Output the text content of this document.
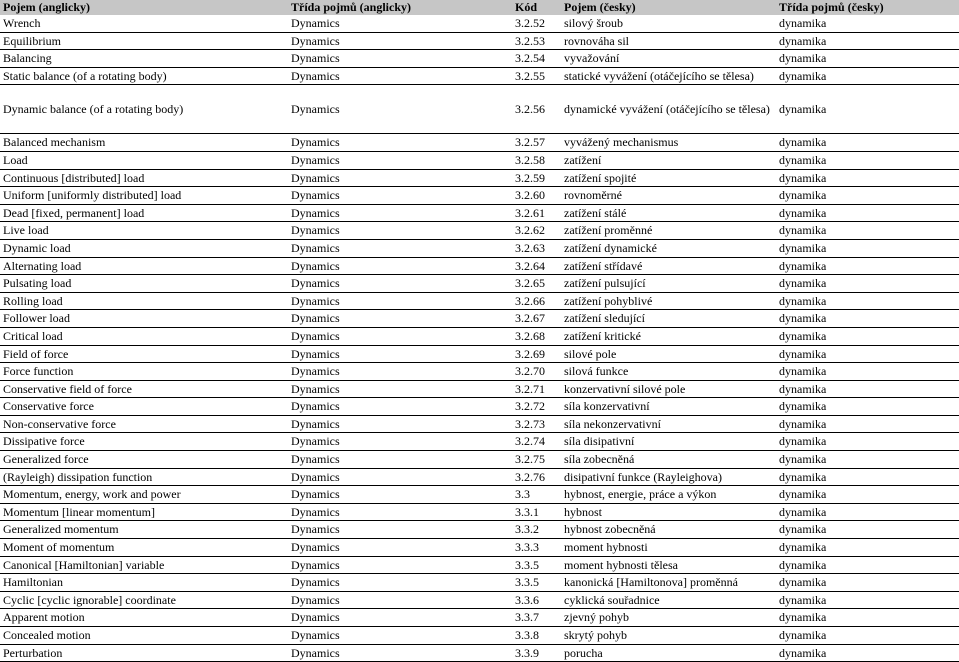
Pojem (anglicky)	Třída pojmů (anglicky)	Kód	Pojem (česky)	Třída pojmů (česky)
Wrench	Dynamics	3.2.52	silový šroub	dynamika
Equilibrium	Dynamics	3.2.53	rovnováha sil	dynamika
Balancing	Dynamics	3.2.54	vyvažování	dynamika
Static balance (of a rotating body)	Dynamics	3.2.55	statické vyvážení (otáčejícího se tělesa)	dynamika

Dynamic balance (of a rotating body)	Dynamics	3.2.56	dynamické vyvážení (otáčejícího se tělesa)	dynamika
Balanced mechanism	Dynamics	3.2.57	vyvážený mechanismus	dynamika
Load	Dynamics	3.2.58	zatížení	dynamika
Continuous [distributed] load	Dynamics	3.2.59	zatížení spojité	dynamika
Uniform [uniformly distributed] load	Dynamics	3.2.60	rovnoměrné	dynamika
Dead [fixed, permanent] load	Dynamics	3.2.61	zatížení stálé	dynamika
Live load	Dynamics	3.2.62	zatížení proměnné	dynamika
Dynamic load	Dynamics	3.2.63	zatížení dynamické	dynamika
Alternating load	Dynamics	3.2.64	zatížení střídavé	dynamika
Pulsating load	Dynamics	3.2.65	zatížení pulsující	dynamika
Rolling load	Dynamics	3.2.66	zatížení pohyblivé	dynamika
Follower load	Dynamics	3.2.67	zatížení sledující	dynamika
Critical load	Dynamics	3.2.68	zatížení kritické	dynamika
Field of force	Dynamics	3.2.69	silové pole	dynamika
Force function	Dynamics	3.2.70	silová funkce	dynamika
Conservative field of force	Dynamics	3.2.71	konzervativní silové pole	dynamika
Conservative force	Dynamics	3.2.72	síla konzervativní	dynamika
Non-conservative force	Dynamics	3.2.73	síla nekonzervativní	dynamika
Dissipative force	Dynamics	3.2.74	síla disipativní	dynamika
Generalized force	Dynamics	3.2.75	síla zobecněná	dynamika
(Rayleigh) dissipation function	Dynamics	3.2.76	disipativní funkce (Rayleighova)	dynamika
Momentum, energy, work and power	Dynamics	3.3	hybnost, energie, práce a výkon	dynamika
Momentum [linear momentum]	Dynamics	3.3.1	hybnost	dynamika
Generalized momentum	Dynamics	3.3.2	hybnost zobecněná	dynamika
Moment of momentum	Dynamics	3.3.3	moment hybnosti	dynamika
Canonical [Hamiltonian] variable	Dynamics	3.3.5	moment hybnosti tělesa	dynamika
Hamiltonian	Dynamics	3.3.5	kanonická [Hamiltonova] proměnná	dynamika
Cyclic [cyclic ignorable] coordinate	Dynamics	3.3.6	cyklická souřadnice	dynamika
Apparent motion	Dynamics	3.3.7	zjevný pohyb	dynamika
Concealed motion	Dynamics	3.3.8	skrytý pohyb	dynamika
Perturbation	Dynamics	3.3.9	porucha	dynamika
